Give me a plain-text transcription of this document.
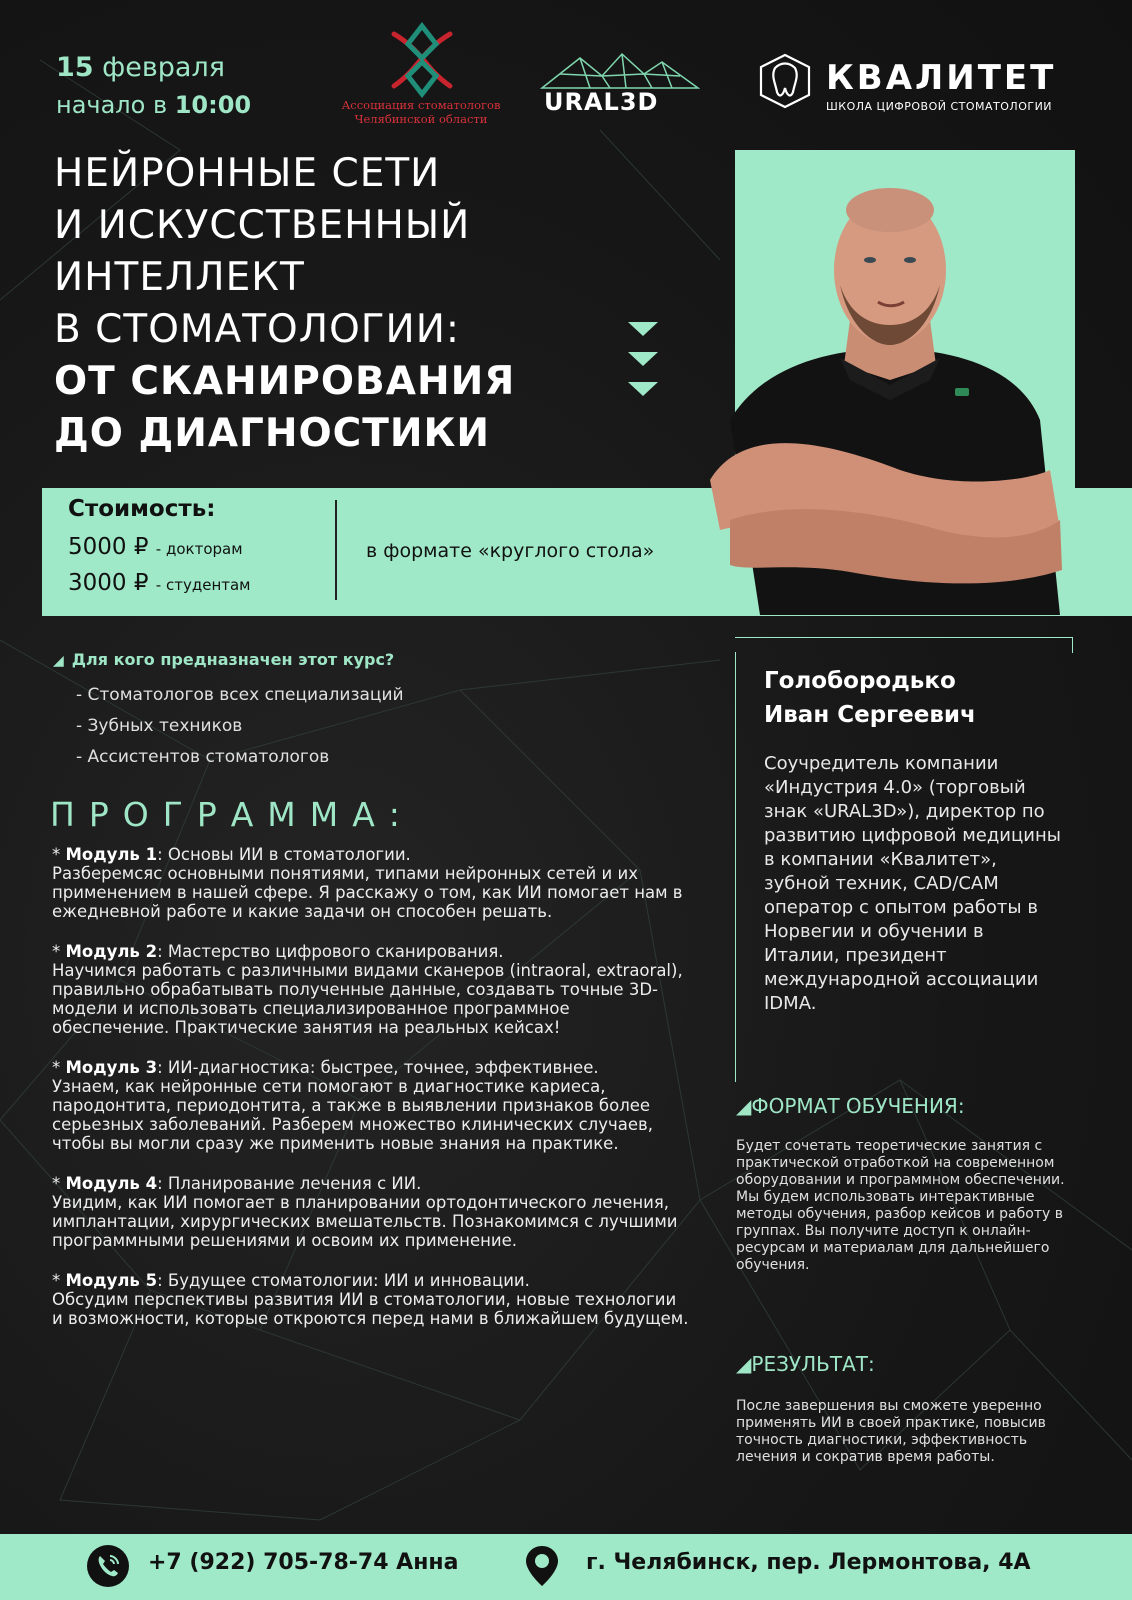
15 февраля
начало в 10:00	Ассоциация стоматологов
Челябинской области
URAL3D
КВАЛИТЕТ
ШКОЛА ЦИФРОВОЙ СТОМАТОЛОГИИ
НЕЙРОННЫЕ СЕТИ
И ИСКУССТВЕННЫЙ
ИНТЕЛЛЕКТ
В СТОМАТОЛОГИИ:
ОТ СКАНИРОВАНИЯ
ДО ДИАГНОСТИКИ
Стоимость:
5000 ₽ - докторам
3000 ₽ - студентам
в формате «круглого стола»
◢ Для кого предназначен этот курс?
- Стоматологов всех специализаций
- Зубных техников
- Ассистентов стоматологов
ПРОГРАММА:
* Модуль 1: Основы ИИ в стоматологии.
Разберемсяс основными понятиями, типами нейронных сетей и их применением в нашей сфере. Я расскажу о том, как ИИ помогает нам в ежедневной работе и какие задачи он способен решать.
* Модуль 2: Мастерство цифрового сканирования.
Научимся работать с различными видами сканеров (intraoral, extraoral), правильно обрабатывать полученные данные, создавать точные 3D-модели и использовать специализированное программное обеспечение. Практические занятия на реальных кейсах!
* Модуль 3: ИИ-диагностика: быстрее, точнее, эффективнее.
Узнаем, как нейронные сети помогают в диагностике кариеса, пародонтита, периодонтита, а также в выявлении признаков более серьезных заболеваний. Разберем множество клинических случаев, чтобы вы могли сразу же применить новые знания на практике.
* Модуль 4: Планирование лечения с ИИ.
Увидим, как ИИ помогает в планировании ортодонтического лечения, имплантации, хирургических вмешательств. Познакомимся с лучшими программными решениями и освоим их применение.
* Модуль 5: Будущее стоматологии: ИИ и инновации.
Обсудим перспективы развития ИИ в стоматологии, новые технологии и возможности, которые откроются перед нами в ближайшем будущем.
Голобородько
Иван Сергеевич
Соучредитель компании «Индустрия 4.0» (торговый знак «URAL3D»), директор по развитию цифровой медицины в компании «Квалитет», зубной техник, CAD/CAM оператор с опытом работы в Норвегии и обучении в Италии, президент международной ассоциации IDMA.
◢ФОРМАТ ОБУЧЕНИЯ:
Будет сочетать теоретические занятия с практической отработкой на современном оборудовании и программном обеспечении. Мы будем использовать интерактивные методы обучения, разбор кейсов и работу в группах. Вы получите доступ к онлайн-ресурсам и материалам для дальнейшего обучения.
◢РЕЗУЛЬТАТ:
После завершения вы сможете уверенно применять ИИ в своей практике, повысив точность диагностики, эффективность лечения и сократив время работы.
+7 (922) 705-78-74 Анна	г. Челябинск, пер. Лермонтова, 4А
